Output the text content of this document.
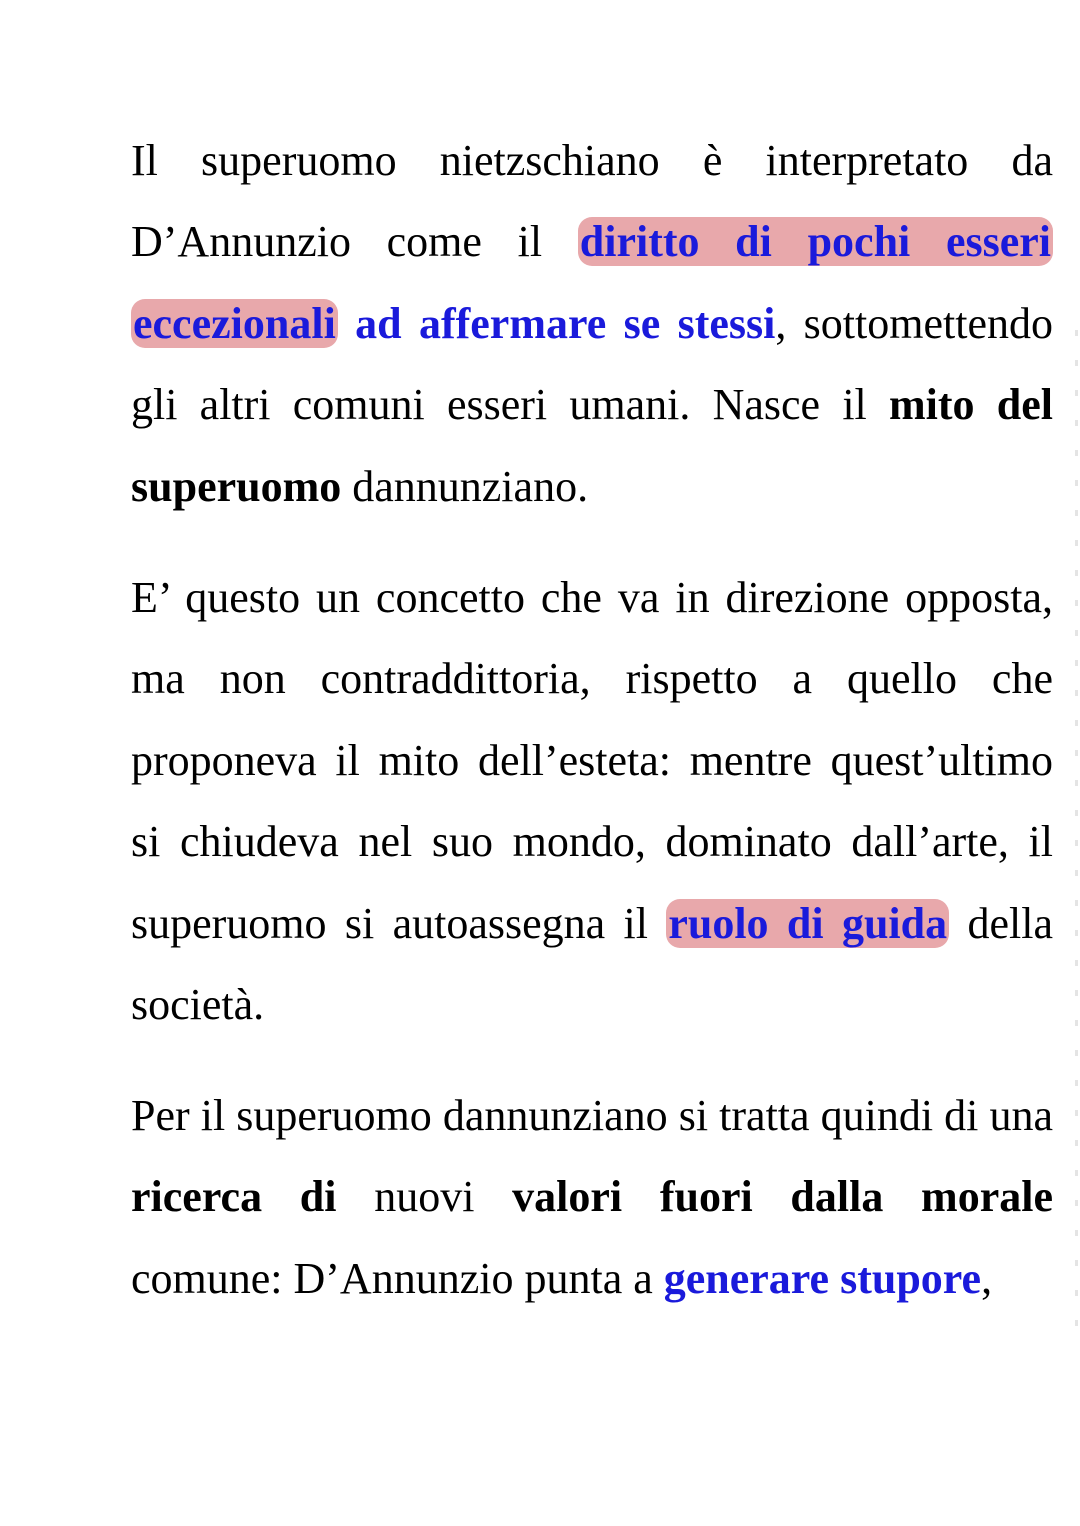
Il superuomo nietzschiano è interpretato da D’Annunzio come il diritto di pochi esseri eccezionali ad affermare se stessi, sottomettendo gli altri comuni esseri umani. Nasce il mito del superuomo dannunziano.

E’ questo un concetto che va in direzione opposta, ma non contraddittoria, rispetto a quello che proponeva il mito dell’esteta: mentre quest’ultimo si chiudeva nel suo mondo, dominato dall’arte, il superuomo si autoassegna il ruolo di guida della società.

Per il superuomo dannunziano si tratta quindi di una ricerca di nuovi valori fuori dalla morale comune: D’Annunzio punta a generare stupore,
